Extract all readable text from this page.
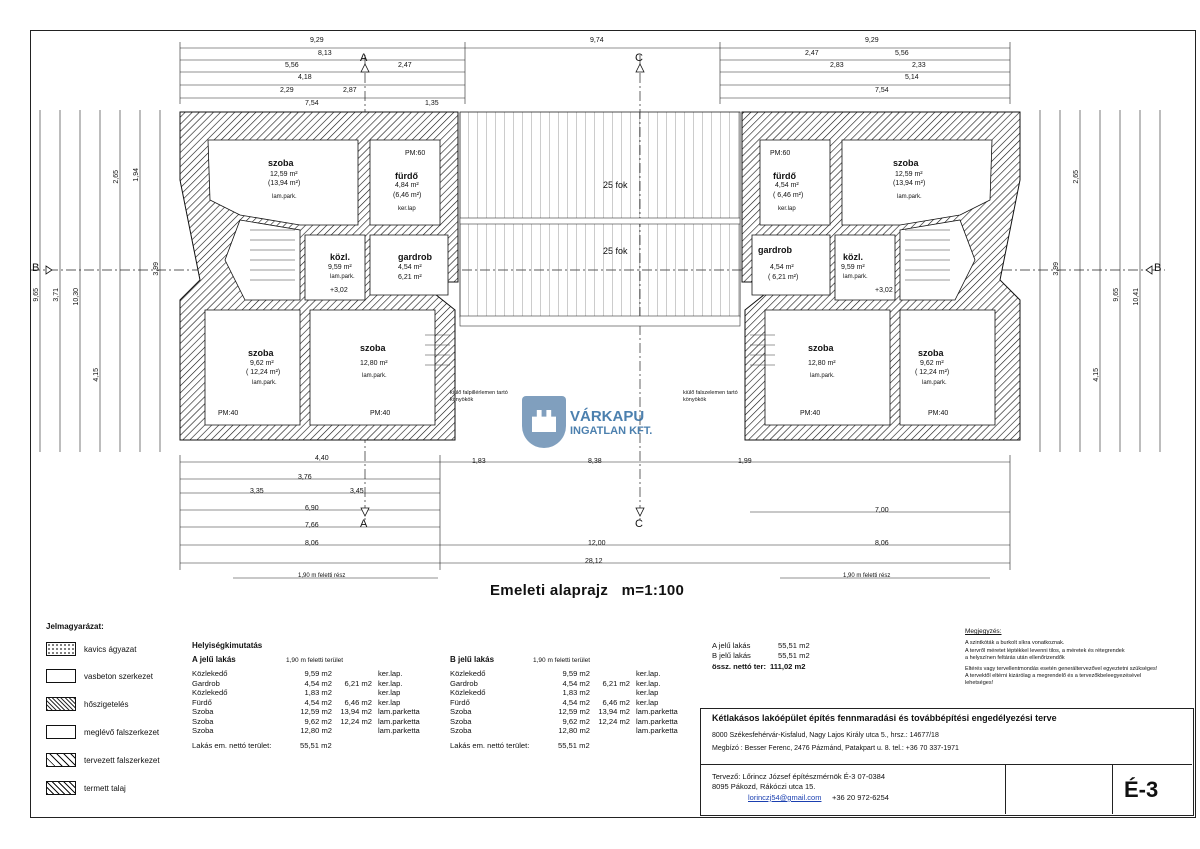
B	B
A
A
C
C
9,29	9,74	9,29
8,13
5,56
4,18
2,29	2,87
7,54
2,47
1,35
2,47	5,56
2,83	2,33
5,14
7,54
9,65 3,71 10,30
4,15
2,65 1,94
3,99
10,41
9,65
4,15
2,65
3,99
4,40	1,83	8,38	1,99
3,76
3,35	3,45
6,90
7,66
7,00
8,06	12,00	8,06
28,12
1,90 m feletti rész	1,90 m feletti rész
25 fok
25 fok
szoba
12,59 m²
(13,94 m²)
lam.park.
fürdő
4,84 m²
(6,46 m²)
ker.lap
PM:60
közl.
9,59 m²
lam.park.
gardrob
4,54 m²
6,21 m²
+3,02
szoba
9,62 m²
( 12,24 m²)
lam.park.
szoba
12,80 m²
lam.park.
PM:40	PM:40
szoba
12,59 m²
(13,94 m²)
lam.park.
fürdő
4,54 m²
( 6,46 m²)
ker.lap
PM:60
közl.
9,59 m²
lam.park.
gardrob
4,54 m²
( 6,21 m²)
+3,02
szoba
12,80 m²
lam.park.
szoba
9,62 m²
( 12,24 m²)
lam.park.
PM:40	PM:40
kiülő falpillérlemen tartó könyökök
kiülő falszelemen tartó könyökök
VÁRKAPU
INGATLAN KFT.
Emeleti alaprajz   m=1:100
Jelmagyarázat:
kavics ágyazat
vasbeton szerkezet
hőszigetelés
meglévő falszerkezet
tervezett falszerkezet
termett talaj
Helyiségkimutatás
A jelű lakás	1,90 m feletti terület	B jelű lakás	1,90 m feletti terület
Közlekedő	9,59 m2	ker.lap.
Gardrob	4,54 m2	6,21 m2 ker.lap.
Közlekedő	1,83 m2	ker.lap
Fürdő	4,54 m2	6,46 m2 ker.lap
Szoba	12,59 m2	13,94 m2 lam.parketta
Szoba	9,62 m2	12,24 m2 lam.parketta
Szoba	12,80 m2	lam.parketta
Lakás em. nettó terület:	55,51 m2
Közlekedő	9,59 m2	ker.lap.
Gardrob	4,54 m2	6,21 m2 ker.lap.
Közlekedő	1,83 m2	ker.lap
Fürdő	4,54 m2	6,46 m2 ker.lap
Szoba	12,59 m2	13,94 m2 lam.parketta
Szoba	9,62 m2	12,24 m2 lam.parketta
Szoba	12,80 m2	lam.parketta
Lakás em. nettó terület:	55,51 m2
A jelű lakás	55,51 m2
B jelű lakás	55,51 m2
össz. nettó ter: 111,02 m2
Megjegyzés:
A szintkóták a burkolt síkra vonatkoznak.
A tervről méretet léptékkel levenni tilos, a méretek és rétegrendek
a helyszínen feltárás után ellenőrizendők
Eltérés vagy tervellentmondás esetén generáltervezővel egyeztetni szükséges!
A tervektől eltérni kizárólag a megrendelő és a tervezőkbeleegyezésével
lehetséges!
Kétlakásos lakóépület építés fennmaradási és továbbépítési engedélyezési terve
8000 Székesfehérvár-Kisfalud, Nagy Lajos Király utca 5., hrsz.: 14677/18
Megbízó : Besser Ferenc, 2476 Pázmánd, Patakpart u. 8. tel.: +36 70 337-1971
Tervező: Lőrincz József építészmérnök É-3 07-0384
8095 Pákozd, Rákóczi utca 15.
lorinczj54@gmail.com +36 20 972-6254	É-3
